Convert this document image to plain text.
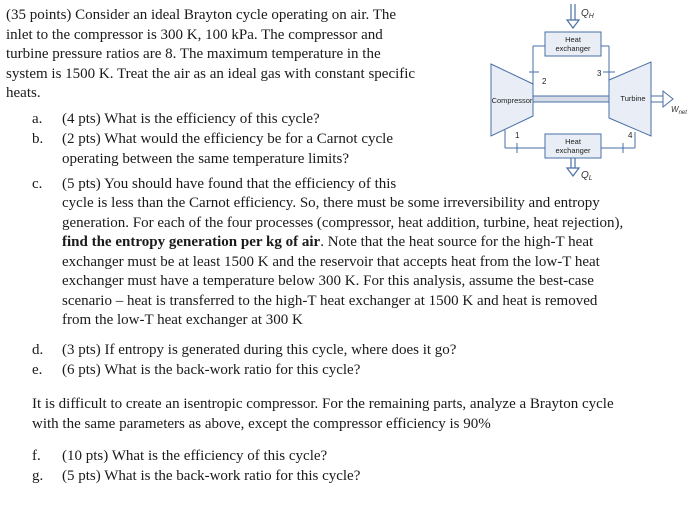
(35 points) Consider an ideal Brayton cycle operating on air. The
inlet to the compressor is 300 K, 100 kPa. The compressor and
turbine pressure ratios are 8. The maximum temperature in the
system is 1500 K. Treat the air as an ideal gas with constant specific
heats.
a. (4 pts) What is the efficiency of this cycle?
b. (2 pts) What would the efficiency be for a Carnot cycle
operating between the same temperature limits?
c. (5 pts) You should have found that the efficiency of this
cycle is less than the Carnot efficiency. So, there must be some irreversibility and entropy
generation. For each of the four processes (compressor, heat addition, turbine, heat rejection),
find the entropy generation per kg of air. Note that the heat source for the high-T heat
exchanger must be at least 1500 K and the reservoir that accepts heat from the low-T heat
exchanger must have a temperature below 300 K. For this analysis, assume the best-case
scenario – heat is transferred to the high-T heat exchanger at 1500 K and heat is removed
from the low-T heat exchanger at 300 K
d. (3 pts) If entropy is generated during this cycle, where does it go?
e. (6 pts) What is the back-work ratio for this cycle?
It is difficult to create an isentropic compressor. For the remaining parts, analyze a Brayton cycle
with the same parameters as above, except the compressor efficiency is 90%
f. (10 pts) What is the efficiency of this cycle?
g. (5 pts) What is the back-work ratio for this cycle?
$Q_H$
Heat
exchanger
2
3
Compressor	Turbine
$W_{net}$
1	4
Heat
exchanger
$Q_L$
